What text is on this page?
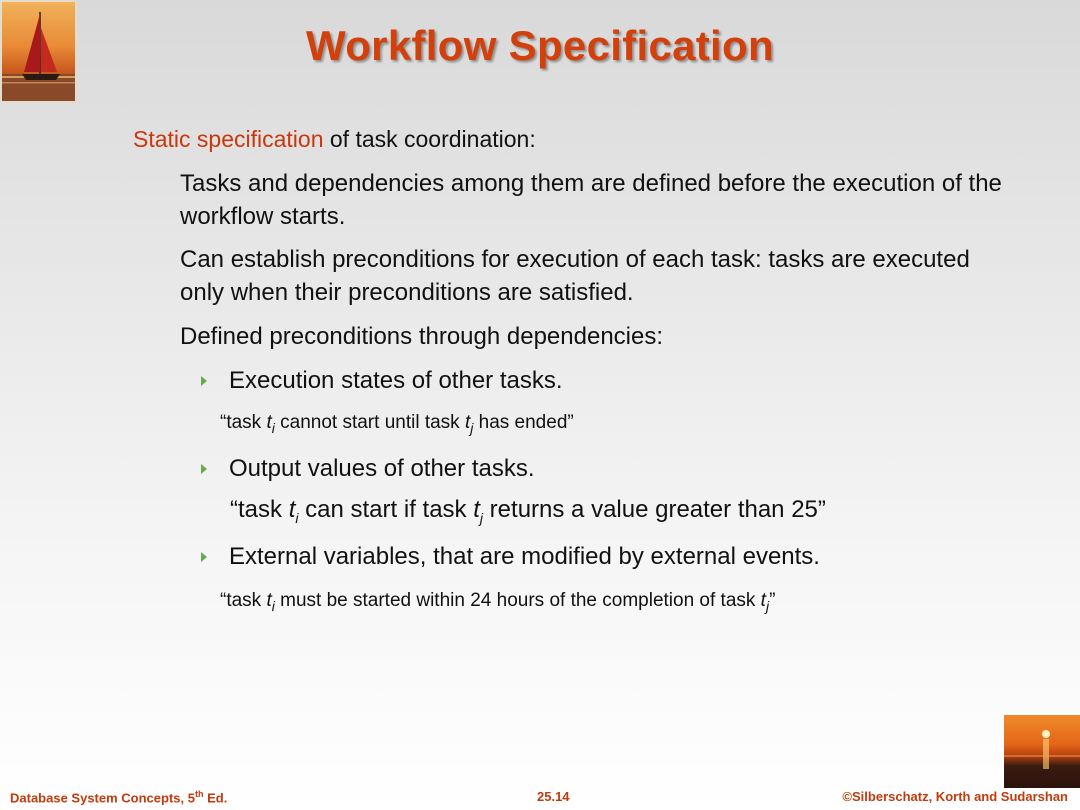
Workflow Specification
Static specification of task coordination:
Tasks and dependencies among them are defined before the execution of the workflow starts.
Can establish preconditions for execution of each task: tasks are executed only when their preconditions are satisfied.
Defined preconditions through dependencies:
Execution states of other tasks.
“task $t_i$ cannot start until task $t_j$ has ended”
Output values of other tasks.
“task $t_i$ can start if task $t_j$ returns a value greater than 25”
External variables, that are modified by external events.
“task $t_i$ must be started within 24 hours of the completion of task $t_j$”
Database System Concepts, 5th Ed.	25.14	©Silberschatz, Korth and Sudarshan
